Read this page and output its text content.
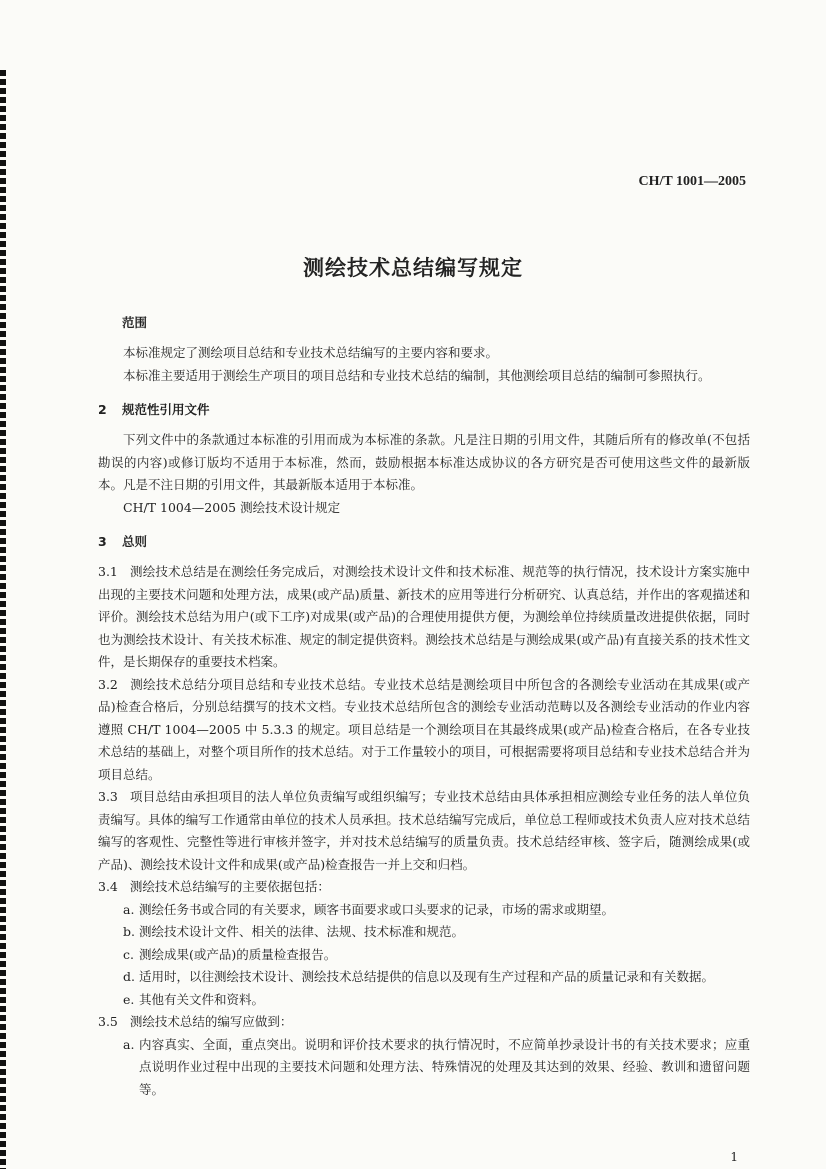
CH/T 1001—2005
测绘技术总结编写规定
范围

本标准规定了测绘项目总结和专业技术总结编写的主要内容和要求。

本标准主要适用于测绘生产项目的项目总结和专业技术总结的编制，其他测绘项目总结的编制可参照执行。

2 规范性引用文件

下列文件中的条款通过本标准的引用而成为本标准的条款。凡是注日期的引用文件，其随后所有的修改单(不包括勘误的内容)或修订版均不适用于本标准，然而，鼓励根据本标准达成协议的各方研究是否可使用这些文件的最新版本。凡是不注日期的引用文件，其最新版本适用于本标准。

CH/T 1004—2005 测绘技术设计规定

3 总则

3.1 测绘技术总结是在测绘任务完成后，对测绘技术设计文件和技术标准、规范等的执行情况，技术设计方案实施中出现的主要技术问题和处理方法，成果(或产品)质量、新技术的应用等进行分析研究、认真总结，并作出的客观描述和评价。测绘技术总结为用户(或下工序)对成果(或产品)的合理使用提供方便，为测绘单位持续质量改进提供依据，同时也为测绘技术设计、有关技术标准、规定的制定提供资料。测绘技术总结是与测绘成果(或产品)有直接关系的技术性文件，是长期保存的重要技术档案。

3.2 测绘技术总结分项目总结和专业技术总结。专业技术总结是测绘项目中所包含的各测绘专业活动在其成果(或产品)检查合格后，分别总结撰写的技术文档。专业技术总结所包含的测绘专业活动范畴以及各测绘专业活动的作业内容遵照 CH/T 1004—2005 中 5.3.3 的规定。项目总结是一个测绘项目在其最终成果(或产品)检查合格后，在各专业技术总结的基础上，对整个项目所作的技术总结。对于工作量较小的项目，可根据需要将项目总结和专业技术总结合并为项目总结。

3.3 项目总结由承担项目的法人单位负责编写或组织编写；专业技术总结由具体承担相应测绘专业任务的法人单位负责编写。具体的编写工作通常由单位的技术人员承担。技术总结编写完成后，单位总工程师或技术负责人应对技术总结编写的客观性、完整性等进行审核并签字，并对技术总结编写的质量负责。技术总结经审核、签字后，随测绘成果(或产品)、测绘技术设计文件和成果(或产品)检查报告一并上交和归档。

3.4 测绘技术总结编写的主要依据包括：

a. 测绘任务书或合同的有关要求，顾客书面要求或口头要求的记录，市场的需求或期望。
b. 测绘技术设计文件、相关的法律、法规、技术标准和规范。
c. 测绘成果(或产品)的质量检查报告。
d. 适用时，以往测绘技术设计、测绘技术总结提供的信息以及现有生产过程和产品的质量记录和有关数据。
e. 其他有关文件和资料。

3.5 测绘技术总结的编写应做到：

a. 内容真实、全面，重点突出。说明和评价技术要求的执行情况时，不应简单抄录设计书的有关技术要求；应重点说明作业过程中出现的主要技术问题和处理方法、特殊情况的处理及其达到的效果、经验、教训和遗留问题等。
1
